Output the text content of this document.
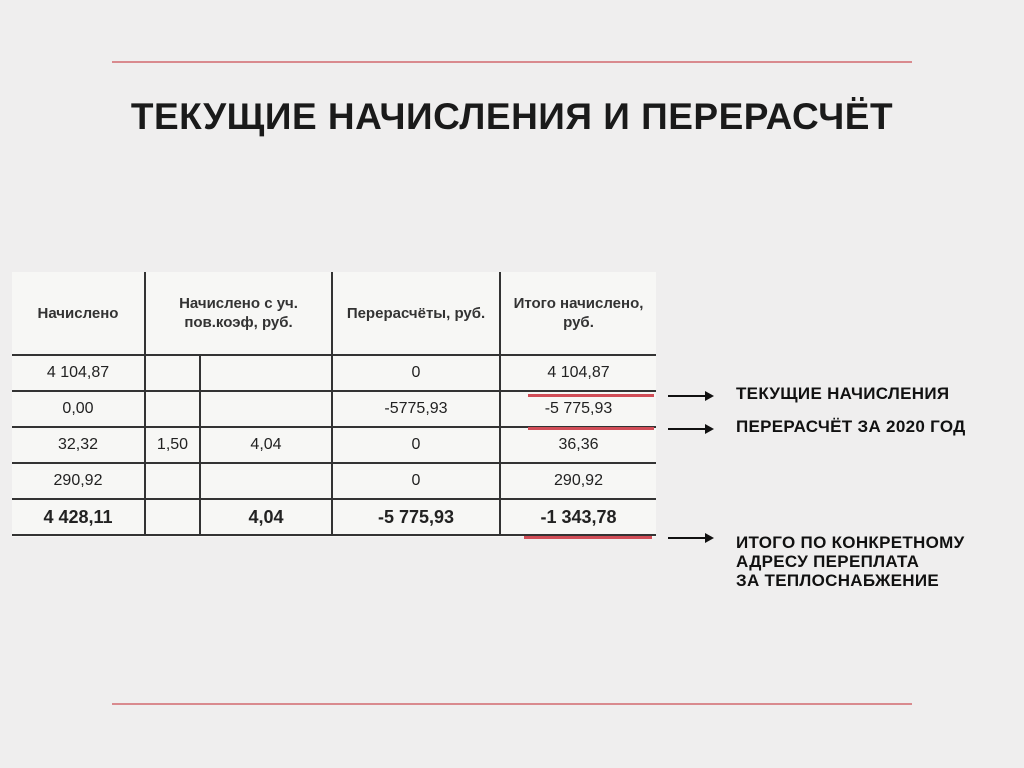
ТЕКУЩИЕ НАЧИСЛЕНИЯ И ПЕРЕРАСЧЁТ
Начислено	Начислено с уч. пов.коэф, руб.		Перерасчёты, руб.	Итого начислено, руб.
4 104,87			0	4 104,87
0,00			-5775,93	-5 775,93
32,32	1,50	4,04	0	36,36
290,92			0	290,92
4 428,11		4,04	-5 775,93	-1 343,78
ТЕКУЩИЕ НАЧИСЛЕНИЯ
ПЕРЕРАСЧЁТ ЗА 2020 ГОД
ИТОГО ПО КОНКРЕТНОМУ
АДРЕСУ ПЕРЕПЛАТА
ЗА ТЕПЛОСНАБЖЕНИЕ
